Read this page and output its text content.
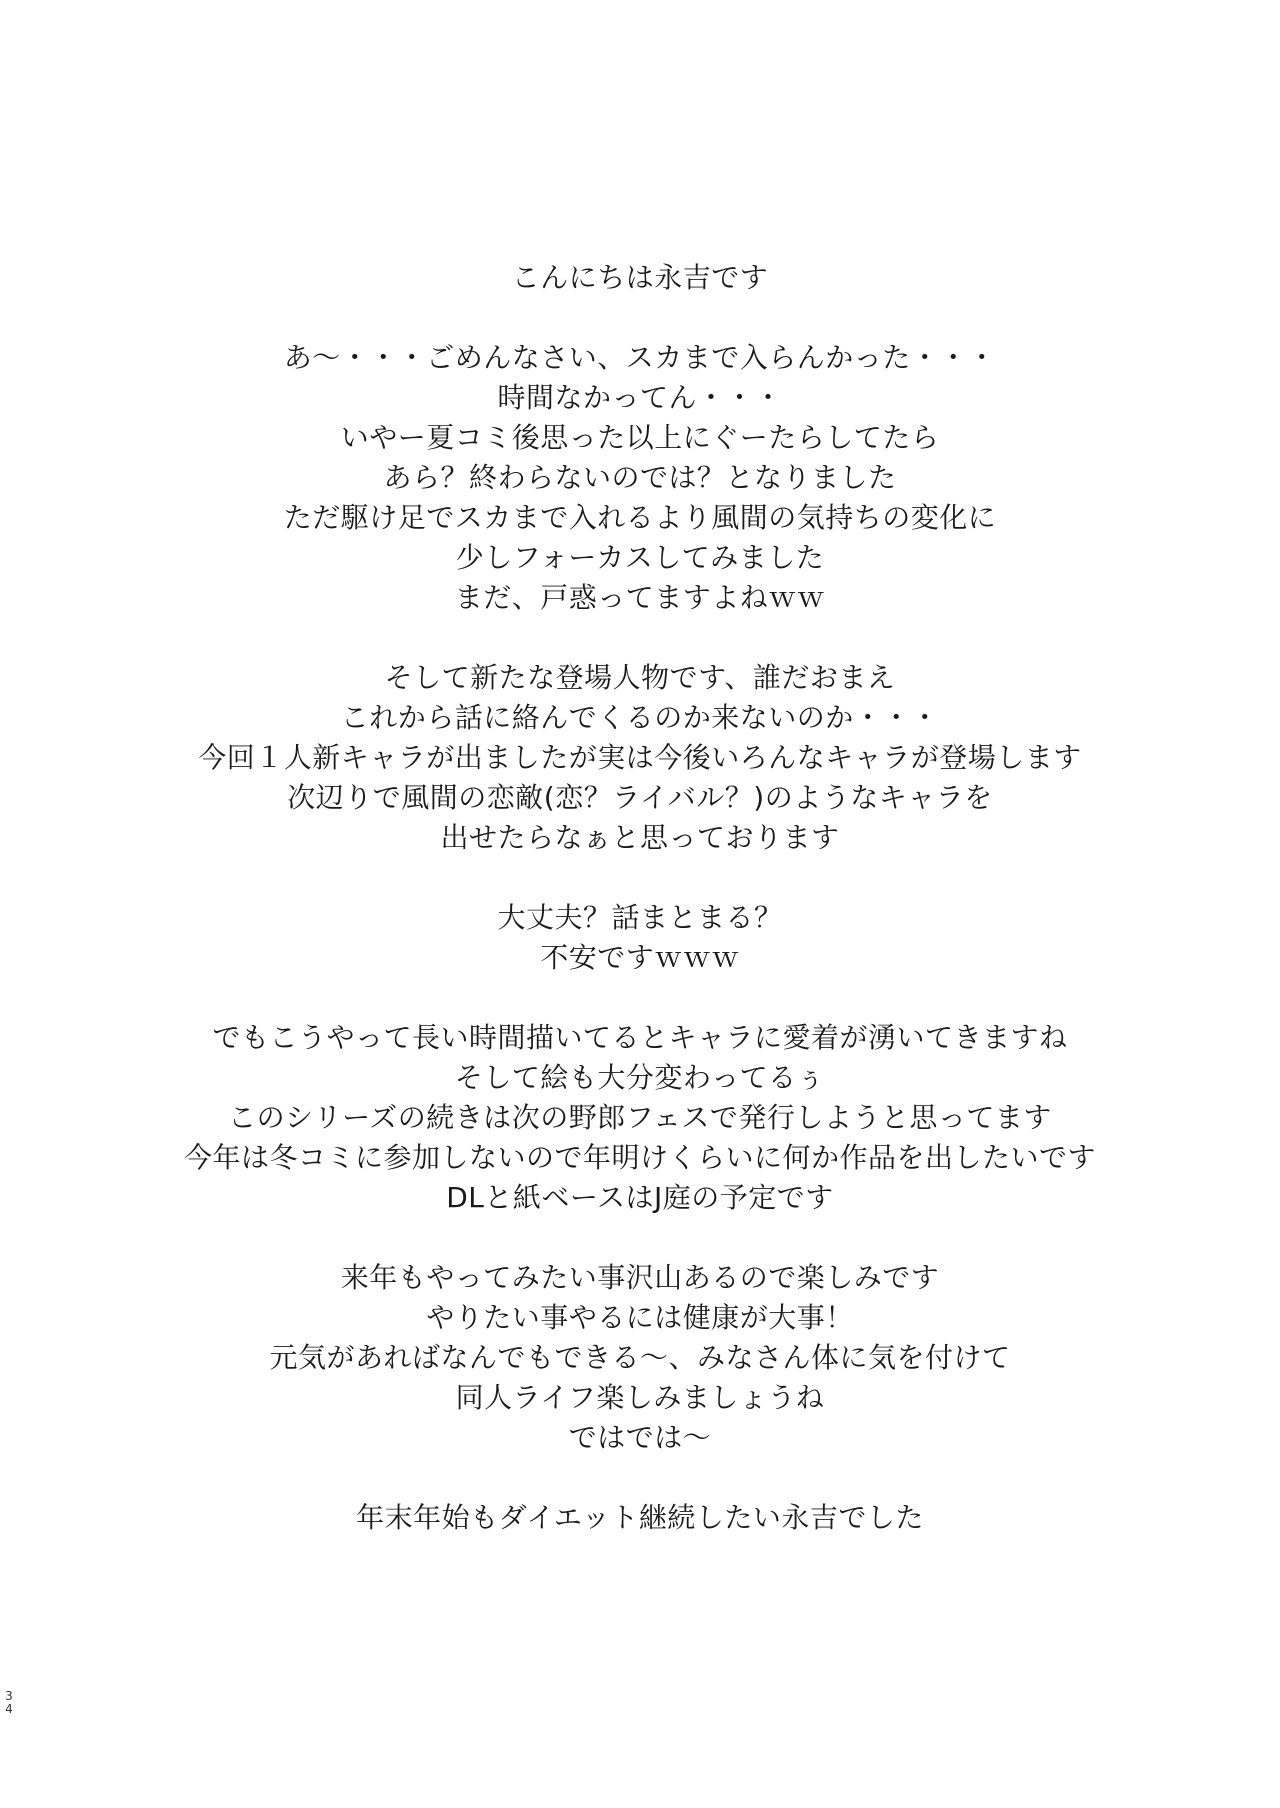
こんにちは永吉です
あ～・・・ごめんなさい、スカまで入らんかった・・・
時間なかってん・・・
いやー夏コミ後思った以上にぐーたらしてたら
あら？終わらないのでは？となりました
ただ駆け足でスカまで入れるより風間の気持ちの変化に
少しフォーカスしてみました
まだ、戸惑ってますよねｗｗ
そして新たな登場人物です、誰だおまえ
これから話に絡んでくるのか来ないのか・・・
今回１人新キャラが出ましたが実は今後いろんなキャラが登場します
次辺りで風間の恋敵(恋？ライバル？)のようなキャラを
出せたらなぁと思っております
大丈夫？話まとまる？
不安ですｗｗｗ
でもこうやって長い時間描いてるとキャラに愛着が湧いてきますね
そして絵も大分変わってるぅ
このシリーズの続きは次の野郎フェスで発行しようと思ってます
今年は冬コミに参加しないので年明けくらいに何か作品を出したいです
DLと紙ベースはJ庭の予定です
来年もやってみたい事沢山あるので楽しみです
やりたい事やるには健康が大事！
元気があればなんでもできる～、みなさん体に気を付けて
同人ライフ楽しみましょうね
ではでは～
年末年始もダイエット継続したい永吉でした
3
4
